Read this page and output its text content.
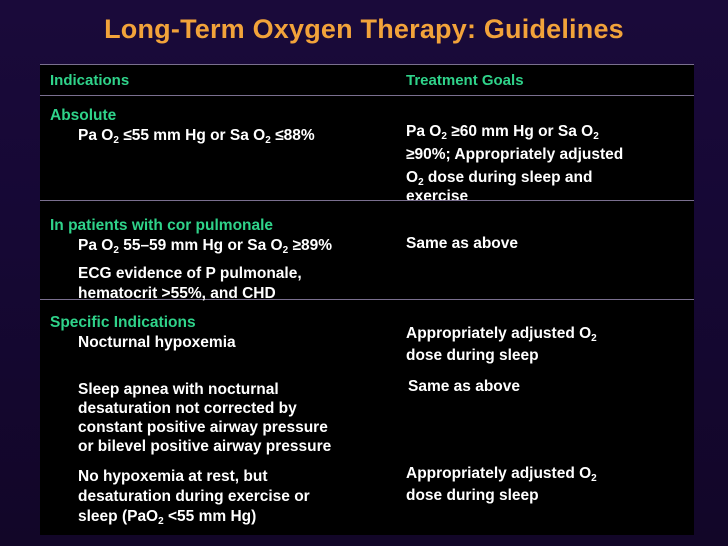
Long-Term Oxygen Therapy: Guidelines
Indications	Treatment Goals
Absolute
Pa $O_2 \le 55$ mm Hg or Sa $O_2 \le 88\%$	Pa $O_2 \ge 60$ mm Hg or Sa $O_2$
≥90%; Appropriately adjusted
$O_2$ dose during sleep and
exercise
In patients with cor pulmonale
Pa $O_2$ 55–59 mm Hg or Sa $O_2 \ge 89\%$
ECG evidence of P pulmonale,
hematocrit >55%, and CHD
Same as above
Specific Indications
Nocturnal hypoxemia
Appropriately adjusted $O_2$
dose during sleep
Sleep apnea with nocturnal
desaturation not corrected by
constant positive airway pressure
or bilevel positive airway pressure
Same as above
No hypoxemia at rest, but
desaturation during exercise or
sleep (PaO$_2$ <55 mm Hg)
Appropriately adjusted $O_2$
dose during sleep
